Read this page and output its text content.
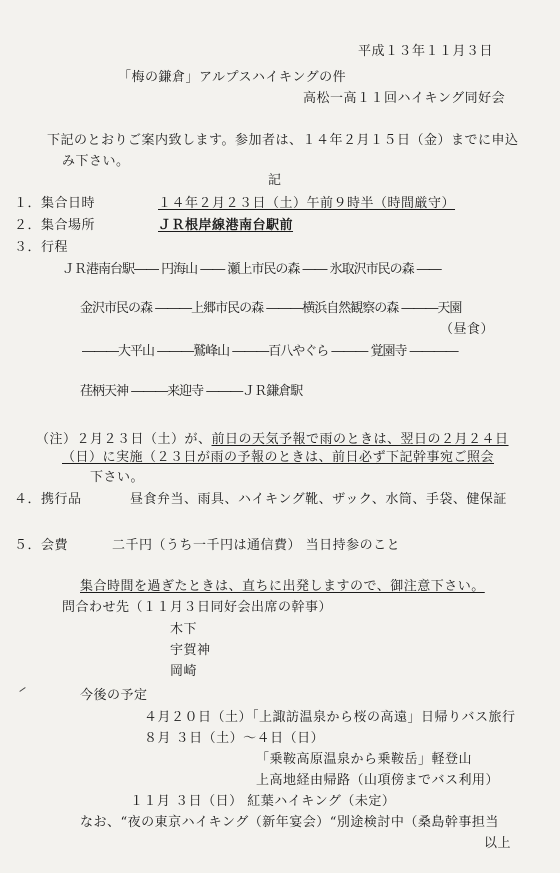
平成１３年１１月３日
「梅の鎌倉」アルプスハイキングの件
高松一高１１回ハイキング同好会
下記のとおりご案内致します。参加者は、１４年２月１５日（金）までに申込
み下さい。
記
１．集合日時	１４年２月２３日（土）午前９時半（時間厳守）
２．集合場所	ＪＲ根岸線港南台駅前
３．行程
ＪＲ港南台駅―― 円海山 ―― 瀬上市民の森 ―― 氷取沢市民の森 ――
金沢市民の森 ―――上郷市民の森 ―――横浜自然観察の森 ―――天園
（昼食）
―――大平山 ―――鷲峰山 ―――百八やぐら ――― 覚園寺 ――――
荏柄天神 ―――来迎寺 ―――ＪＲ鎌倉駅
（注）２月２３日（土）が、前日の天気予報で雨のときは、翌日の２月２４日
（日）に実施（２３日が雨の予報のときは、前日必ず下記幹事宛ご照会
下さい。
４．携行品	昼食弁当、雨具、ハイキング靴、ザック、水筒、手袋、健保証
５．会費	二千円（うち一千円は通信費） 当日持参のこと
集合時間を過ぎたときは、直ちに出発しますので、御注意下さい。
問合わせ先（１１月３日同好会出席の幹事）
木下
宇賀神
岡崎
今後の予定
４月２０日（土）「上諏訪温泉から桜の高遠」日帰りバス旅行
８月 ３日（土）～４日（日）
「乗鞍高原温泉から乗鞍岳」軽登山
上高地経由帰路（山項傍までバス利用）
１１月 ３日（日） 紅葉ハイキング（未定）
なお、“夜の東京ハイキング（新年宴会）“別途検討中（桑島幹事担当
以上
